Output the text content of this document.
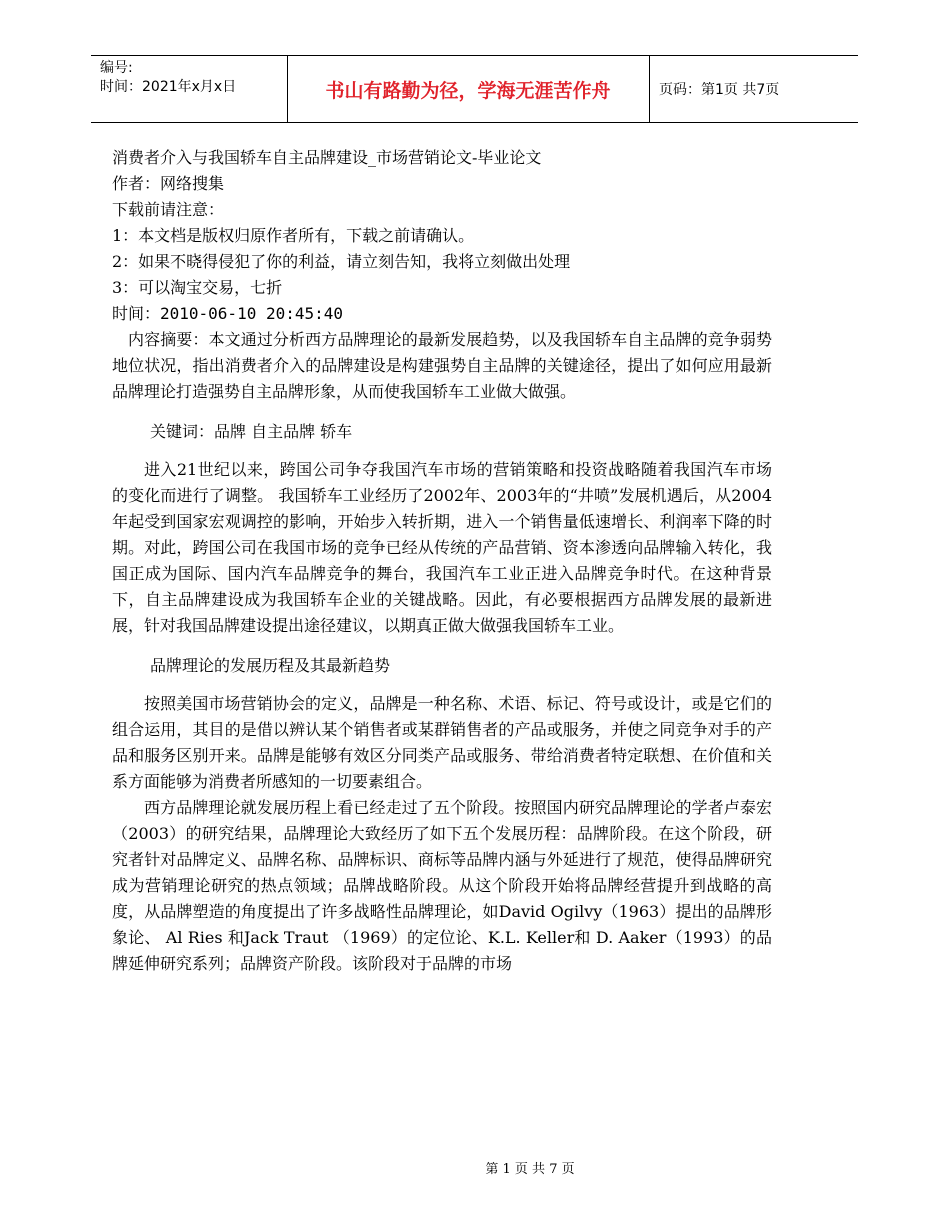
编号:
时间：2021年x月x日	书山有路勤为径，学海无涯苦作舟	页码：第1页 共7页
消费者介入与我国轿车自主品牌建设_市场营销论文-毕业论文
作者：网络搜集
下载前请注意：
1：本文档是版权归原作者所有，下载之前请确认。
2：如果不晓得侵犯了你的利益，请立刻告知，我将立刻做出处理
3：可以淘宝交易，七折
时间：2010-06-10 20:45:40
内容摘要：本文通过分析西方品牌理论的最新发展趋势，以及我国轿车自主品牌的竞争弱势地位状况，指出消费者介入的品牌建设是构建强势自主品牌的关键途径，提出了如何应用最新品牌理论打造强势自主品牌形象，从而使我国轿车工业做大做强。
关键词：品牌 自主品牌 轿车
进入21世纪以来，跨国公司争夺我国汽车市场的营销策略和投资战略随着我国汽车市场的变化而进行了调整。 我国轿车工业经历了2002年、2003年的“井喷”发展机遇后，从2004年起受到国家宏观调控的影响，开始步入转折期，进入一个销售量低速增长、利润率下降的时期。对此，跨国公司在我国市场的竞争已经从传统的产品营销、资本渗透向品牌输入转化，我国正成为国际、国内汽车品牌竞争的舞台，我国汽车工业正进入品牌竞争时代。在这种背景下，自主品牌建设成为我国轿车企业的关键战略。因此，有必要根据西方品牌发展的最新进展，针对我国品牌建设提出途径建议，以期真正做大做强我国轿车工业。
品牌理论的发展历程及其最新趋势
按照美国市场营销协会的定义，品牌是一种名称、术语、标记、符号或设计，或是它们的组合运用，其目的是借以辨认某个销售者或某群销售者的产品或服务，并使之同竞争对手的产品和服务区别开来。品牌是能够有效区分同类产品或服务、带给消费者特定联想、在价值和关系方面能够为消费者所感知的一切要素组合。
西方品牌理论就发展历程上看已经走过了五个阶段。按照国内研究品牌理论的学者卢泰宏（2003）的研究结果，品牌理论大致经历了如下五个发展历程：品牌阶段。在这个阶段，研究者针对品牌定义、品牌名称、品牌标识、商标等品牌内涵与外延进行了规范，使得品牌研究成为营销理论研究的热点领域；品牌战略阶段。从这个阶段开始将品牌经营提升到战略的高度，从品牌塑造的角度提出了许多战略性品牌理论，如David Ogilvy（1963）提出的品牌形象论、 Al Ries 和Jack Traut （1969）的定位论、K.L. Keller和 D. Aaker（1993）的品牌延伸研究系列；品牌资产阶段。该阶段对于品牌的市场
第 1 页 共 7 页
